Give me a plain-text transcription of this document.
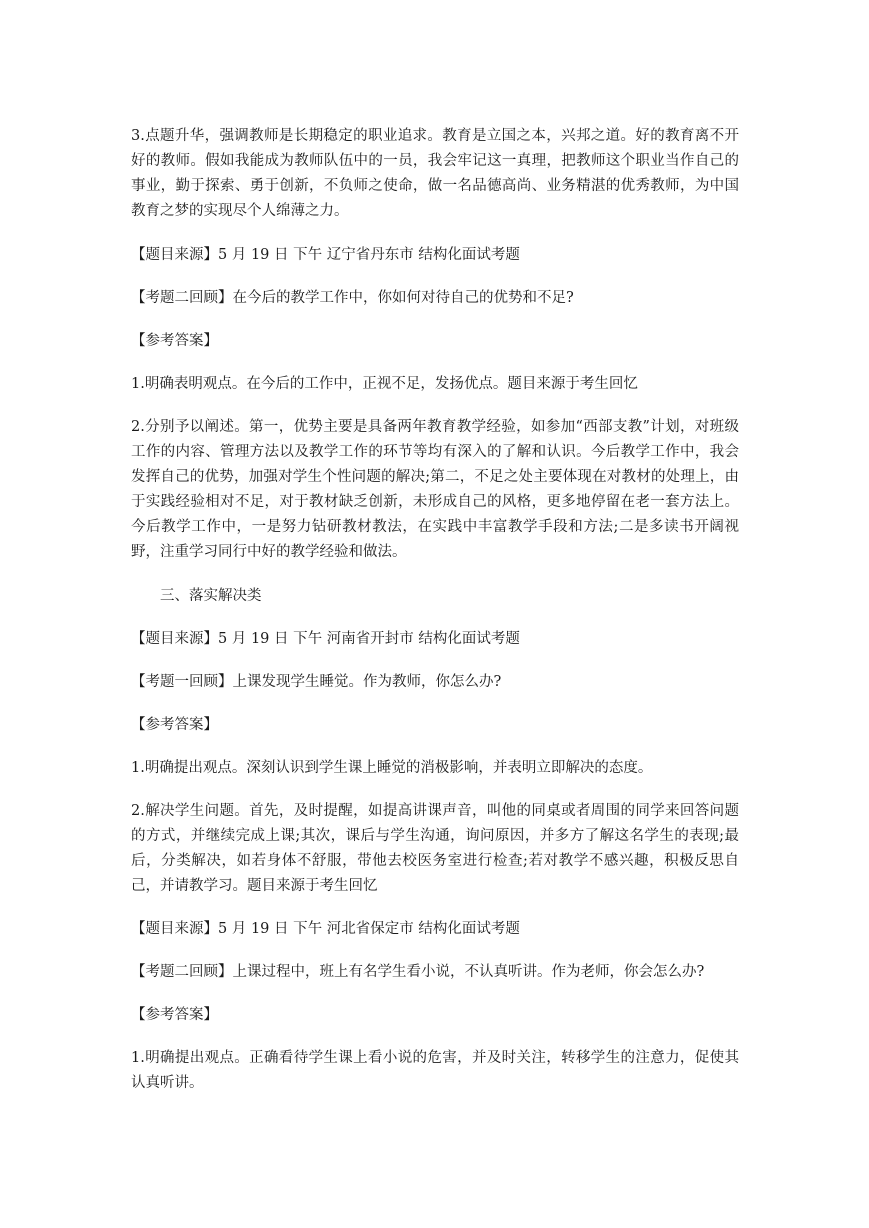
3.点题升华，强调教师是长期稳定的职业追求。教育是立国之本，兴邦之道。好的教育离不开好的教师。假如我能成为教师队伍中的一员，我会牢记这一真理，把教师这个职业当作自己的事业，勤于探索、勇于创新，不负师之使命，做一名品德高尚、业务精湛的优秀教师，为中国教育之梦的实现尽个人绵薄之力。

【题目来源】5 月 19 日 下午 辽宁省丹东市 结构化面试考题

【考题二回顾】在今后的教学工作中，你如何对待自己的优势和不足?

【参考答案】

1.明确表明观点。在今后的工作中，正视不足，发扬优点。题目来源于考生回忆

2.分别予以阐述。第一，优势主要是具备两年教育教学经验，如参加“西部支教”计划，对班级工作的内容、管理方法以及教学工作的环节等均有深入的了解和认识。今后教学工作中，我会发挥自己的优势，加强对学生个性问题的解决;第二，不足之处主要体现在对教材的处理上，由于实践经验相对不足，对于教材缺乏创新，未形成自己的风格，更多地停留在老一套方法上。今后教学工作中，一是努力钻研教材教法，在实践中丰富教学手段和方法;二是多读书开阔视野，注重学习同行中好的教学经验和做法。

三、落实解决类

【题目来源】5 月 19 日 下午 河南省开封市 结构化面试考题

【考题一回顾】上课发现学生睡觉。作为教师，你怎么办?

【参考答案】

1.明确提出观点。深刻认识到学生课上睡觉的消极影响，并表明立即解决的态度。

2.解决学生问题。首先，及时提醒，如提高讲课声音，叫他的同桌或者周围的同学来回答问题的方式，并继续完成上课;其次，课后与学生沟通，询问原因，并多方了解这名学生的表现;最后，分类解决，如若身体不舒服，带他去校医务室进行检查;若对教学不感兴趣，积极反思自己，并请教学习。题目来源于考生回忆

【题目来源】5 月 19 日 下午 河北省保定市 结构化面试考题

【考题二回顾】上课过程中，班上有名学生看小说，不认真听讲。作为老师，你会怎么办?

【参考答案】

1.明确提出观点。正确看待学生课上看小说的危害，并及时关注，转移学生的注意力，促使其认真听讲。
